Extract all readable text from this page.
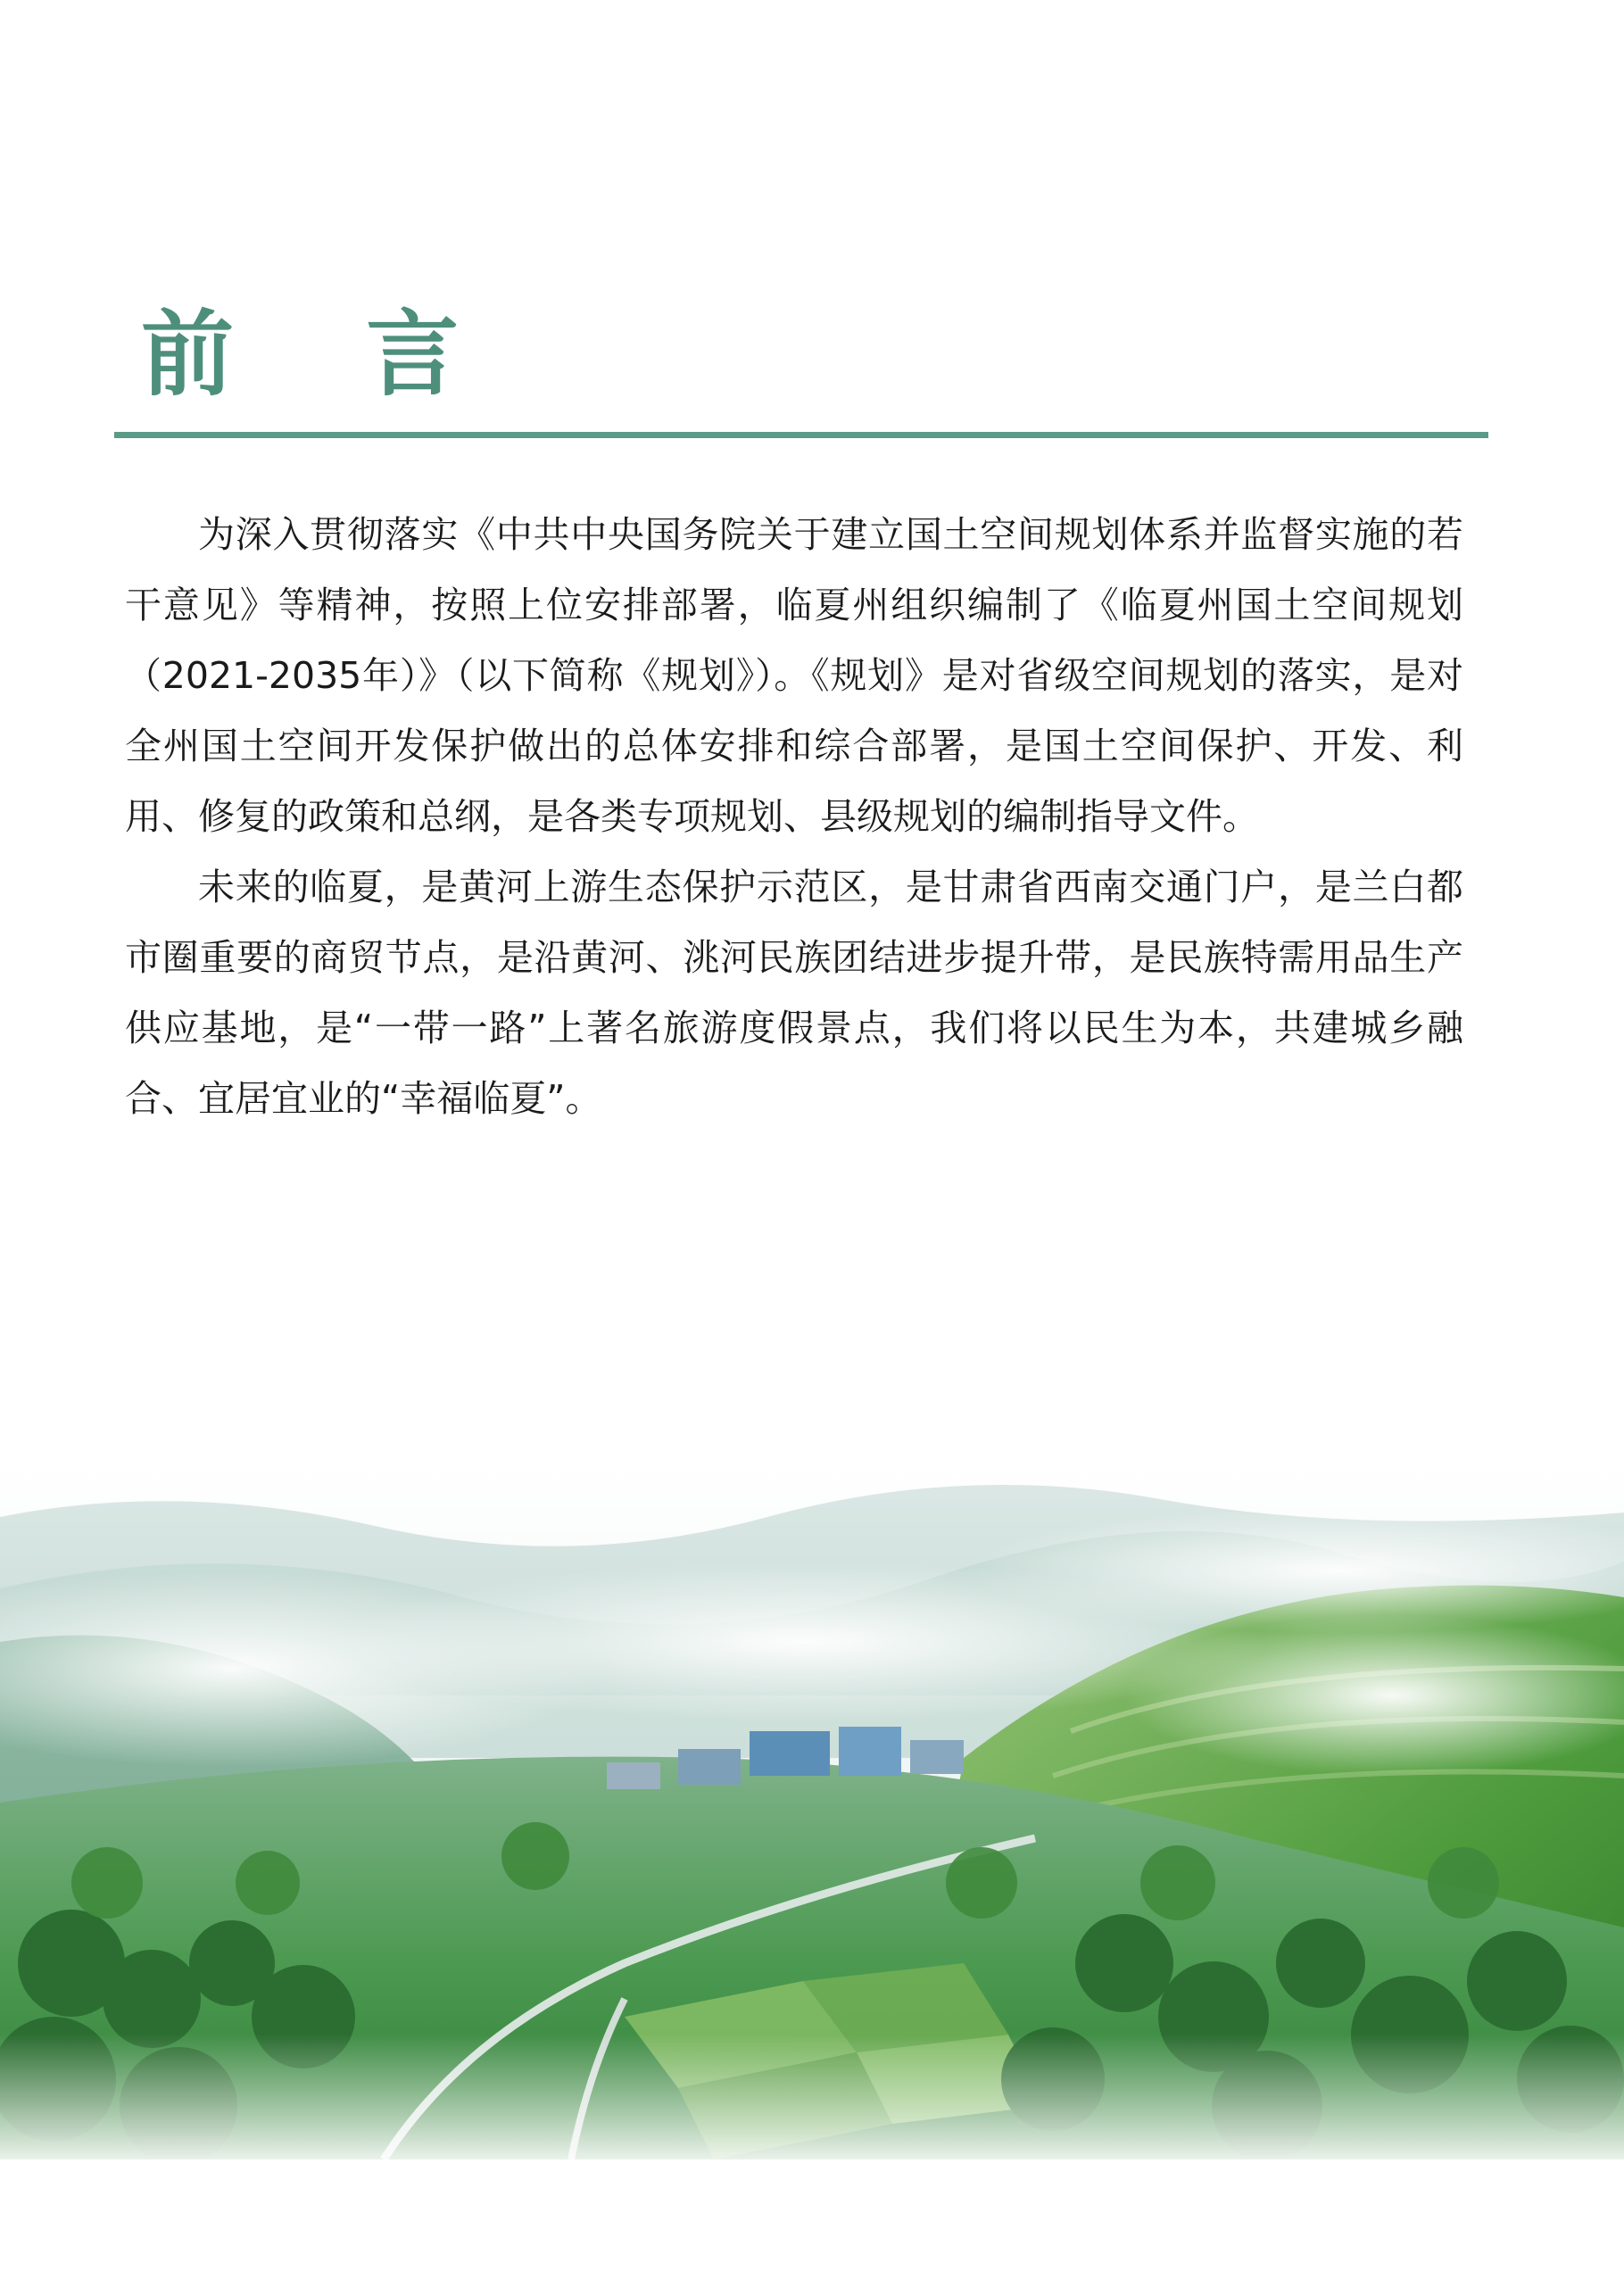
前 言

为深入贯彻落实《中共中央国务院关于建立国土空间规划体系并监督实施的若干意见》等精神，按照上位安排部署，临夏州组织编制了《临夏州国土空间规划（2021-2035年）》（以下简称《规划》）。《规划》是对省级空间规划的落实，是对全州国土空间开发保护做出的总体安排和综合部署，是国土空间保护、开发、利用、修复的政策和总纲，是各类专项规划、县级规划的编制指导文件。

未来的临夏，是黄河上游生态保护示范区，是甘肃省西南交通门户，是兰白都市圈重要的商贸节点，是沿黄河、洮河民族团结进步提升带，是民族特需用品生产供应基地，是“一带一路”上著名旅游度假景点，我们将以民生为本，共建城乡融合、宜居宜业的“幸福临夏”。
